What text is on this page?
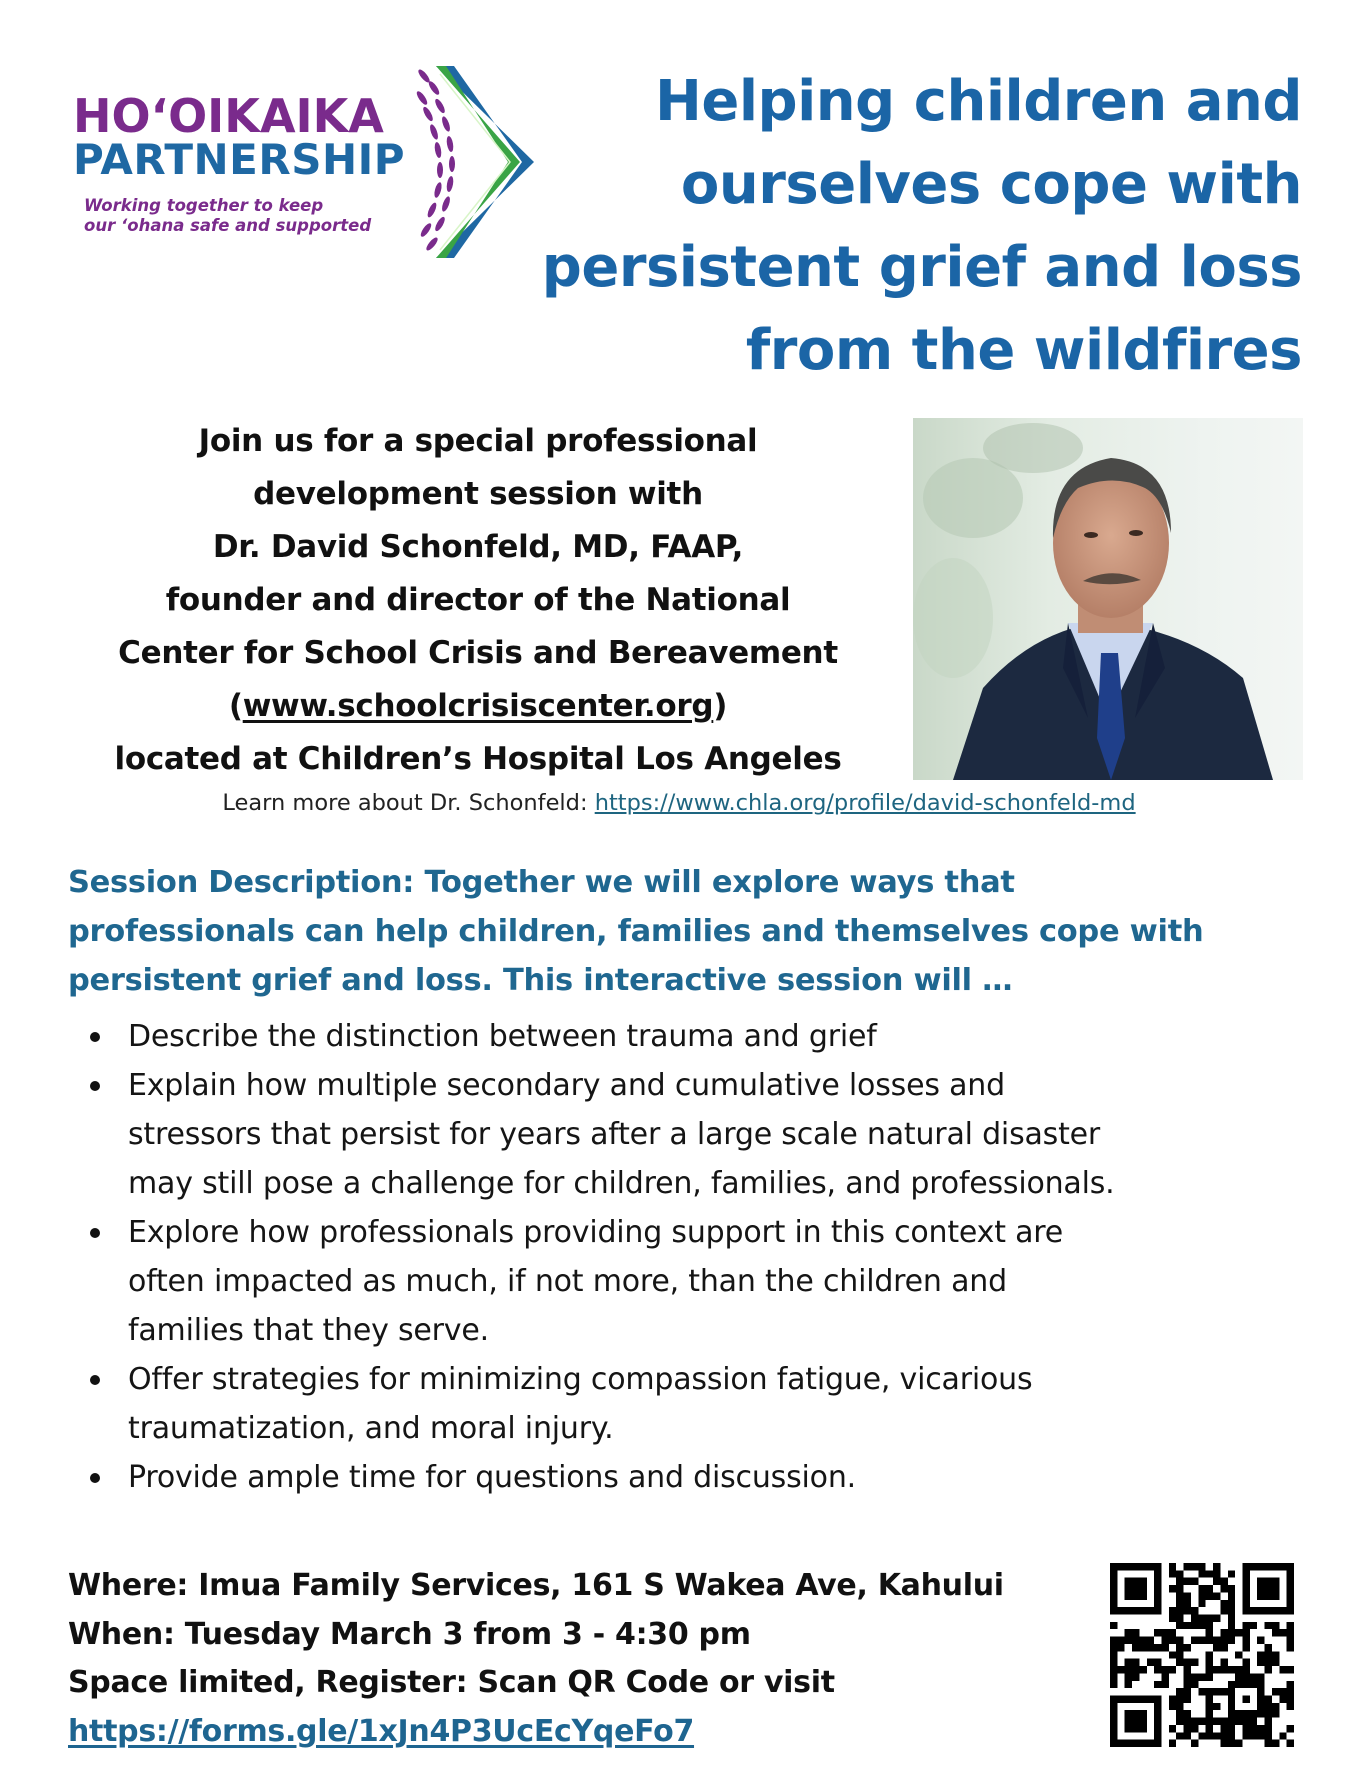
HO‘OIKAIKA
PARTNERSHIP
Working together to keep
our ‘ohana safe and supported
Helping children and
ourselves cope with
persistent grief and loss
from the wildfires
Join us for a special professional
development session with
Dr. David Schonfeld, MD, FAAP,
founder and director of the National
Center for School Crisis and Bereavement
(www.schoolcrisiscenter.org)
located at Children’s Hospital Los Angeles
Learn more about Dr. Schonfeld: https://www.chla.org/profile/david-schonfeld-md
Session Description: Together we will explore ways that
professionals can help children, families and themselves cope with
persistent grief and loss. This interactive session will …
Describe the distinction between trauma and grief
Explain how multiple secondary and cumulative losses and
stressors that persist for years after a large scale natural disaster
may still pose a challenge for children, families, and professionals.
Explore how professionals providing support in this context are
often impacted as much, if not more, than the children and
families that they serve.
Offer strategies for minimizing compassion fatigue, vicarious
traumatization, and moral injury.
Provide ample time for questions and discussion.
Where: Imua Family Services, 161 S Wakea Ave, Kahului
When: Tuesday March 3 from 3 - 4:30 pm
Space limited, Register: Scan QR Code or visit
https://forms.gle/1xJn4P3UcEcYqeFo7
